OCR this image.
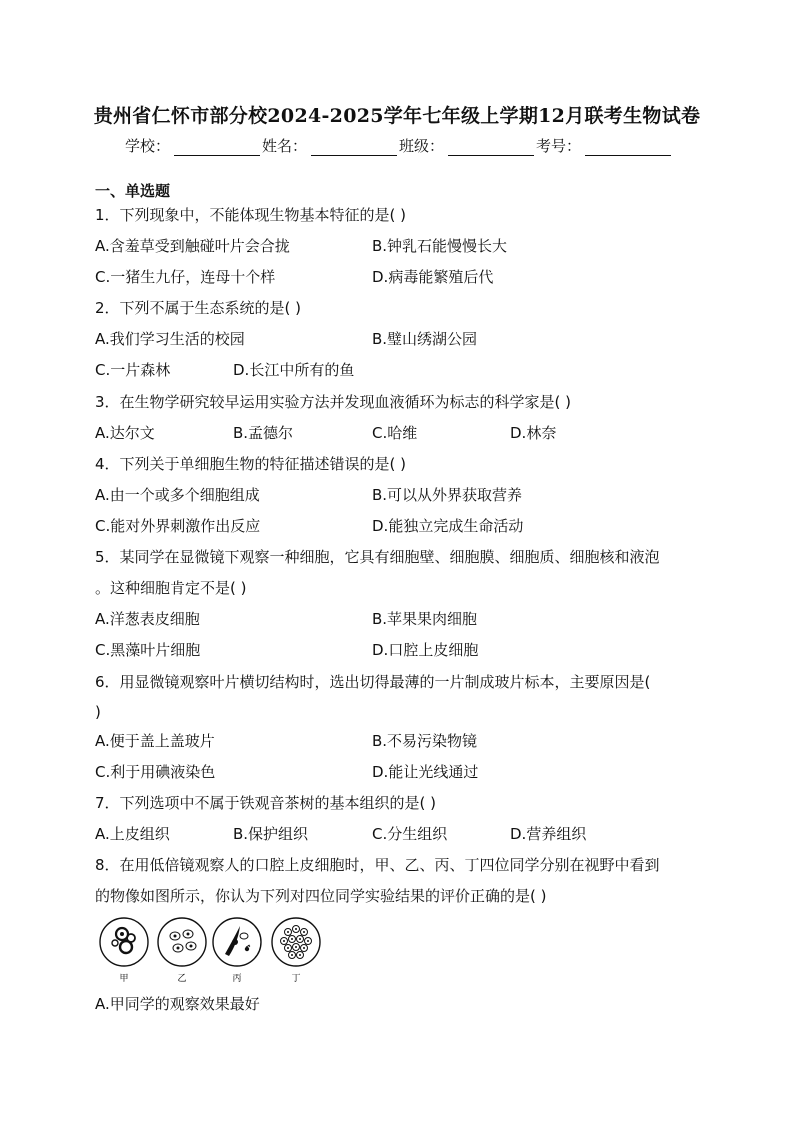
贵州省仁怀市部分校2024-2025学年七年级上学期12月联考生物试卷
学校：	姓名：	班级：	考号：
一、单选题
1．下列现象中，不能体现生物基本特征的是( )
A.含羞草受到触碰叶片会合拢	B.钟乳石能慢慢长大
C.一猪生九仔，连母十个样	D.病毒能繁殖后代
2．下列不属于生态系统的是( )
A.我们学习生活的校园	B.璧山绣湖公园
C.一片森林	D.长江中所有的鱼
3．在生物学研究较早运用实验方法并发现血液循环为标志的科学家是( )
A.达尔文	B.孟德尔	C.哈维	D.林奈
4．下列关于单细胞生物的特征描述错误的是( )
A.由一个或多个细胞组成	B.可以从外界获取营养
C.能对外界刺激作出反应	D.能独立完成生命活动
5．某同学在显微镜下观察一种细胞，它具有细胞壁、细胞膜、细胞质、细胞核和液泡
。这种细胞肯定不是( )
A.洋葱表皮细胞	B.苹果果肉细胞
C.黑藻叶片细胞	D.口腔上皮细胞
6．用显微镜观察叶片横切结构时，选出切得最薄的一片制成玻片标本，主要原因是(
)
A.便于盖上盖玻片	B.不易污染物镜
C.利于用碘液染色	D.能让光线通过
7．下列选项中不属于铁观音茶树的基本组织的是( )
A.上皮组织	B.保护组织	C.分生组织	D.营养组织
8．在用低倍镜观察人的口腔上皮细胞时，甲、乙、丙、丁四位同学分别在视野中看到
的物像如图所示，你认为下列对四位同学实验结果的评价正确的是( )
甲	乙	丙	丁
A.甲同学的观察效果最好
